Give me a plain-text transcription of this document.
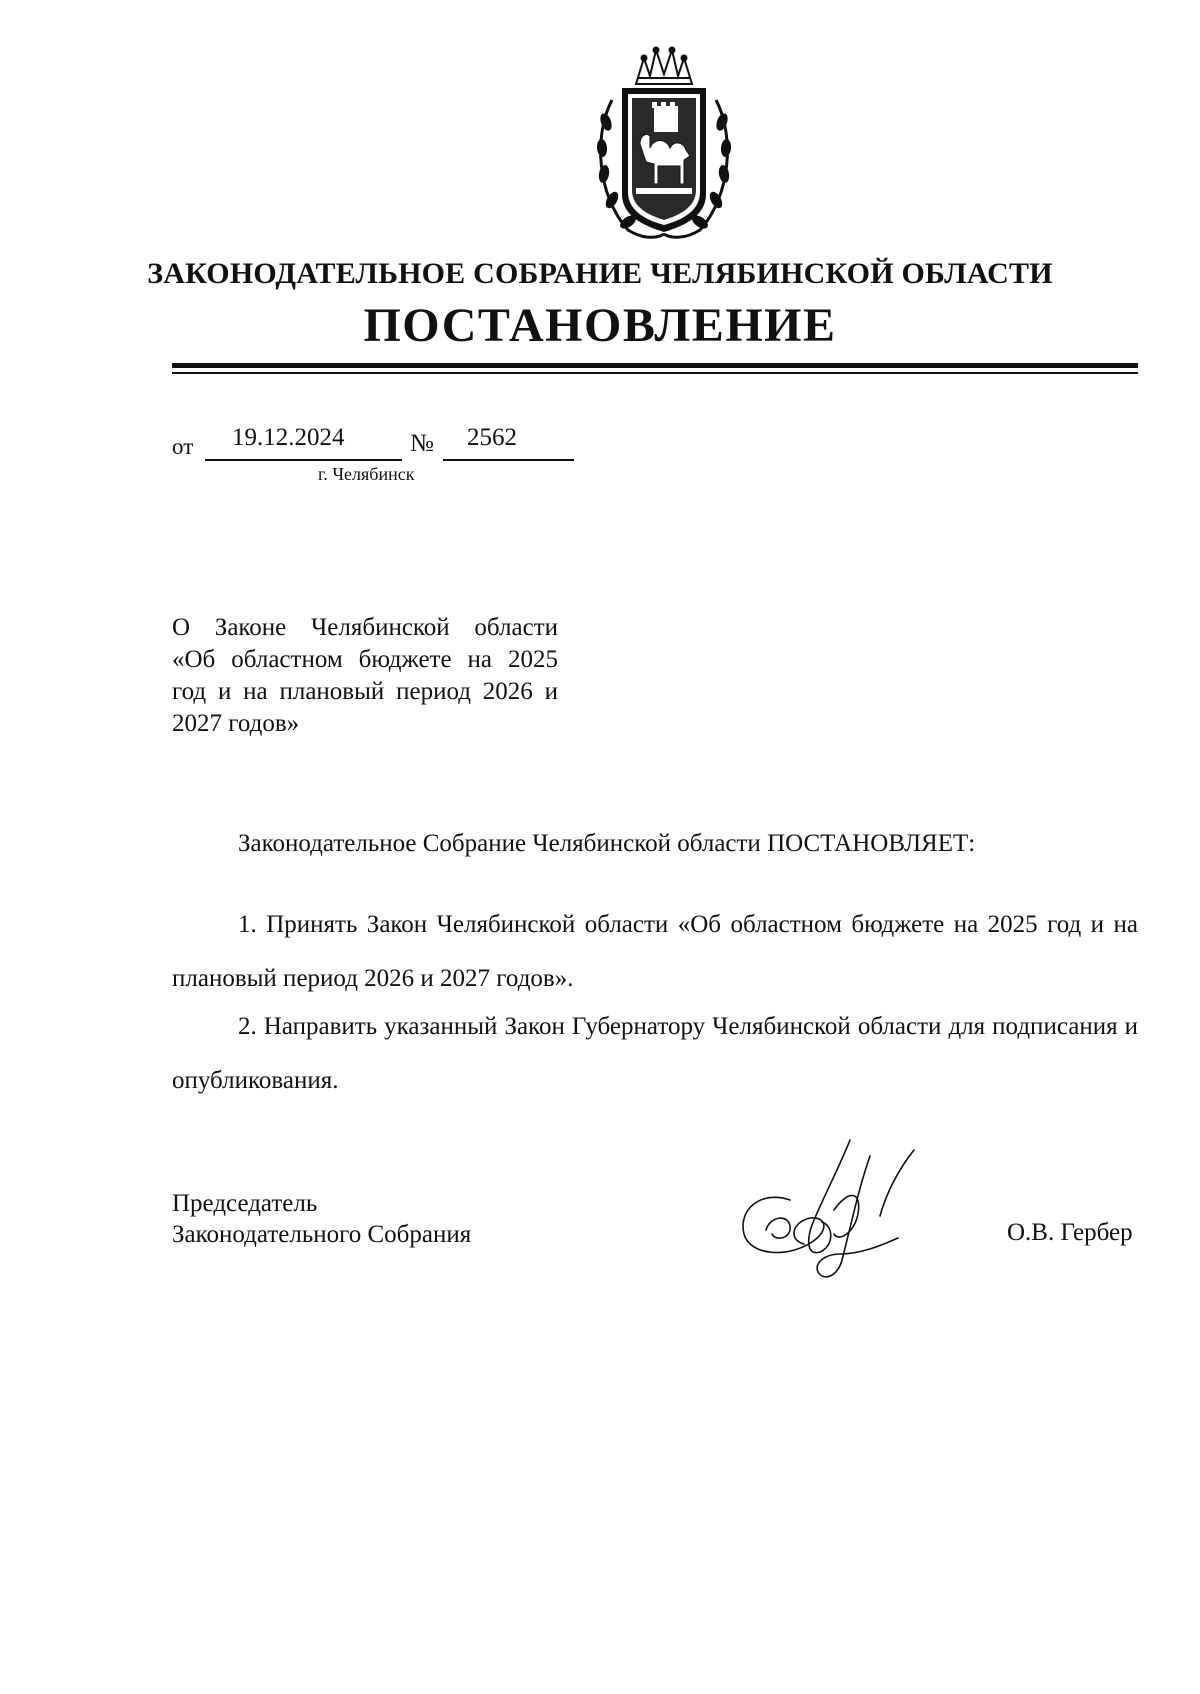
ЗАКОНОДАТЕЛЬНОЕ СОБРАНИЕ ЧЕЛЯБИНСКОЙ ОБЛАСТИ
ПОСТАНОВЛЕНИЕ
от 19.12.2024	№ 2562
г. Челябинск
О Законе Челябинской области
«Об областном бюджете на 2025
год и на плановый период 2026 и
2027 годов»
Законодательное Собрание Челябинской области ПОСТАНОВЛЯЕТ:
1. Принять Закон Челябинской области «Об областном бюджете на 2025 год и на плановый период 2026 и 2027 годов».
2. Направить указанный Закон Губернатору Челябинской области для подписания и опубликования.
Председатель
Законодательного Собрания	О.В. Гербер
